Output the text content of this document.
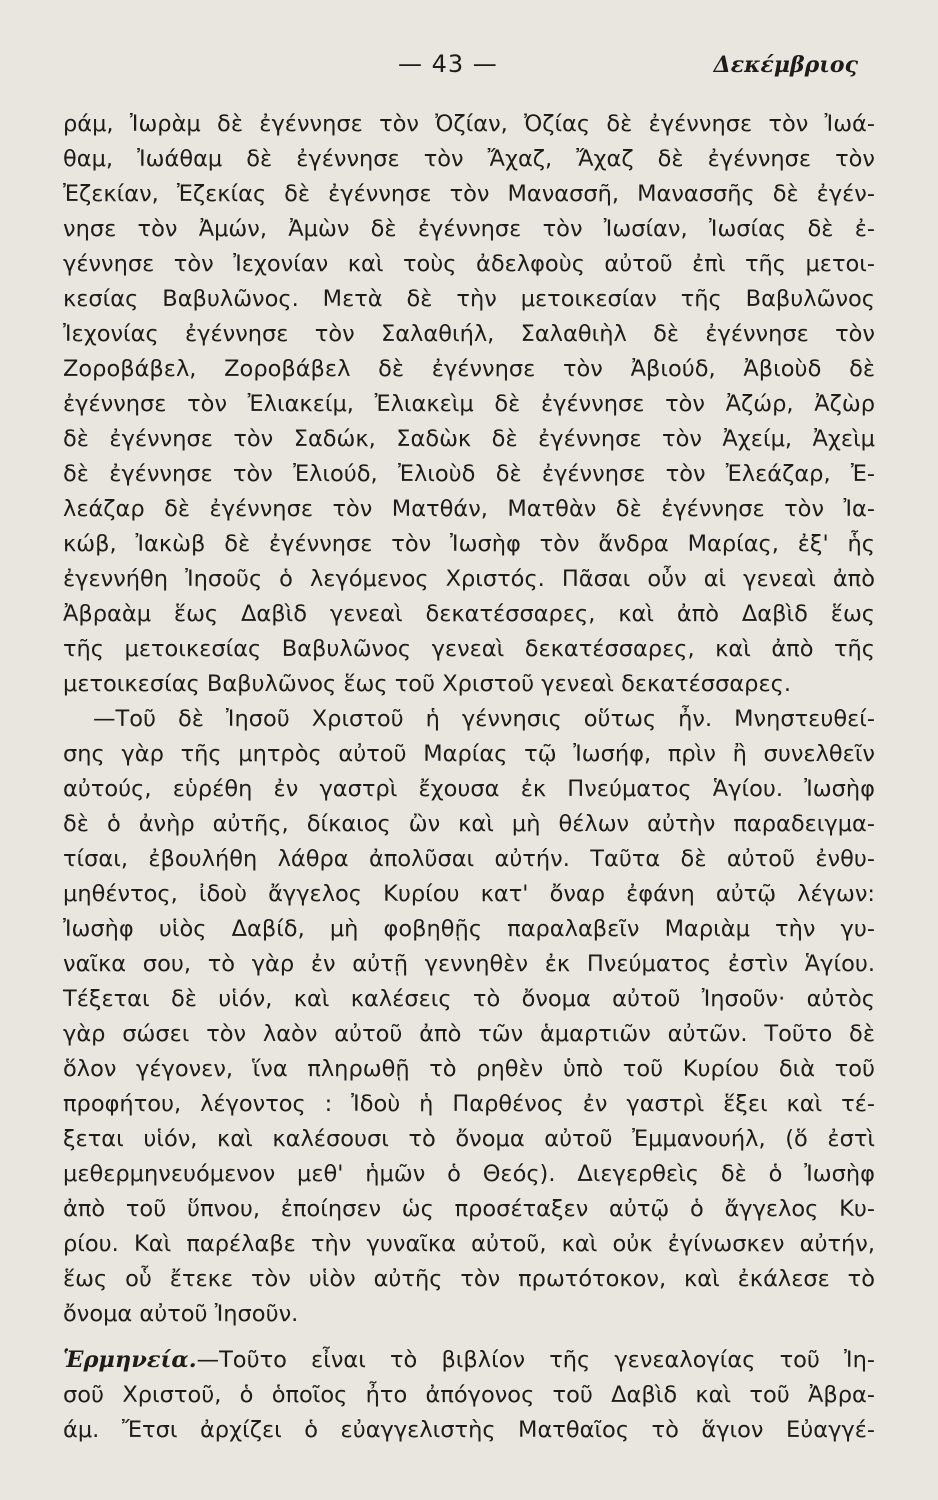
— 43 —	Δεκέμβριος
ράμ, Ἰωρὰμ δὲ ἐγέννησε τὸν Ὀζίαν, Ὀζίας δὲ ἐγέννησε τὸν Ἰωά-
θαμ, Ἰωάθαμ δὲ ἐγέννησε τὸν Ἄχαζ, Ἄχαζ δὲ ἐγέννησε τὸν
Ἐζεκίαν, Ἐζεκίας δὲ ἐγέννησε τὸν Μανασσῆ, Μανασσῆς δὲ ἐγέν-
νησε τὸν Ἀμών, Ἀμὼν δὲ ἐγέννησε τὸν Ἰωσίαν, Ἰωσίας δὲ ἐ-
γέννησε τὸν Ἰεχονίαν καὶ τοὺς ἀδελφοὺς αὐτοῦ ἐπὶ τῆς μετοι-
κεσίας Βαβυλῶνος. Μετὰ δὲ τὴν μετοικεσίαν τῆς Βαβυλῶνος
Ἰεχονίας ἐγέννησε τὸν Σαλαθιήλ, Σαλαθιὴλ δὲ ἐγέννησε τὸν
Ζοροβάβελ, Ζοροβάβελ δὲ ἐγέννησε τὸν Ἀβιούδ, Ἀβιοὺδ δὲ
ἐγέννησε τὸν Ἐλιακείμ, Ἐλιακεὶμ δὲ ἐγέννησε τὸν Ἀζώρ, Ἀζὼρ
δὲ ἐγέννησε τὸν Σαδώκ, Σαδὼκ δὲ ἐγέννησε τὸν Ἀχείμ, Ἀχεὶμ
δὲ ἐγέννησε τὸν Ἐλιούδ, Ἐλιοὺδ δὲ ἐγέννησε τὸν Ἐλεάζαρ, Ἐ-
λεάζαρ δὲ ἐγέννησε τὸν Ματθάν, Ματθὰν δὲ ἐγέννησε τὸν Ἰα-
κώβ, Ἰακὼβ δὲ ἐγέννησε τὸν Ἰωσὴφ τὸν ἄνδρα Μαρίας, ἐξ' ἧς
ἐγεννήθη Ἰησοῦς ὁ λεγόμενος Χριστός. Πᾶσαι οὖν αἱ γενεαὶ ἀπὸ
Ἀβραὰμ ἕως Δαβὶδ γενεαὶ δεκατέσσαρες, καὶ ἀπὸ Δαβὶδ ἕως
τῆς μετοικεσίας Βαβυλῶνος γενεαὶ δεκατέσσαρες, καὶ ἀπὸ τῆς
μετοικεσίας Βαβυλῶνος ἕως τοῦ Χριστοῦ γενεαὶ δεκατέσσαρες.
—Τοῦ δὲ Ἰησοῦ Χριστοῦ ἡ γέννησις οὕτως ἦν. Μνηστευθεί-
σης γὰρ τῆς μητρὸς αὐτοῦ Μαρίας τῷ Ἰωσήφ, πρὶν ἢ συνελθεῖν
αὐτούς, εὑρέθη ἐν γαστρὶ ἔχουσα ἐκ Πνεύματος Ἁγίου. Ἰωσὴφ
δὲ ὁ ἀνὴρ αὐτῆς, δίκαιος ὢν καὶ μὴ θέλων αὐτὴν παραδειγμα-
τίσαι, ἐβουλήθη λάθρα ἀπολῦσαι αὐτήν. Ταῦτα δὲ αὐτοῦ ἐνθυ-
μηθέντος, ἰδοὺ ἄγγελος Κυρίου κατ' ὄναρ ἐφάνη αὐτῷ λέγων:
Ἰωσὴφ υἱὸς Δαβίδ, μὴ φοβηθῇς παραλαβεῖν Μαριὰμ τὴν γυ-
ναῖκα σου, τὸ γὰρ ἐν αὐτῇ γεννηθὲν ἐκ Πνεύματος ἐστὶν Ἁγίου.
Τέξεται δὲ υἱόν, καὶ καλέσεις τὸ ὄνομα αὐτοῦ Ἰησοῦν· αὐτὸς
γὰρ σώσει τὸν λαὸν αὐτοῦ ἀπὸ τῶν ἁμαρτιῶν αὐτῶν. Τοῦτο δὲ
ὅλον γέγονεν, ἵνα πληρωθῇ τὸ ρηθὲν ὑπὸ τοῦ Κυρίου διὰ τοῦ
προφήτου, λέγοντος : Ἰδοὺ ἡ Παρθένος ἐν γαστρὶ ἕξει καὶ τέ-
ξεται υἱόν, καὶ καλέσουσι τὸ ὄνομα αὐτοῦ Ἐμμανουήλ, (ὅ ἐστὶ
μεθερμηνευόμενον μεθ' ἡμῶν ὁ Θεός). Διεγερθεὶς δὲ ὁ Ἰωσὴφ
ἀπὸ τοῦ ὕπνου, ἐποίησεν ὡς προσέταξεν αὐτῷ ὁ ἄγγελος Κυ-
ρίου. Καὶ παρέλαβε τὴν γυναῖκα αὐτοῦ, καὶ οὐκ ἐγίνωσκεν αὐτήν,
ἕως οὗ ἔτεκε τὸν υἱὸν αὐτῆς τὸν πρωτότοκον, καὶ ἐκάλεσε τὸ
ὄνομα αὐτοῦ Ἰησοῦν.
Ἑρμηνεία.—Τοῦτο εἶναι τὸ βιβλίον τῆς γενεαλογίας τοῦ Ἰη-
σοῦ Χριστοῦ, ὁ ὁποῖος ἦτο ἀπόγονος τοῦ Δαβὶδ καὶ τοῦ Ἀβρα-
άμ. Ἔτσι ἀρχίζει ὁ εὐαγγελιστὴς Ματθαῖος τὸ ἅγιον Εὐαγγέ-
